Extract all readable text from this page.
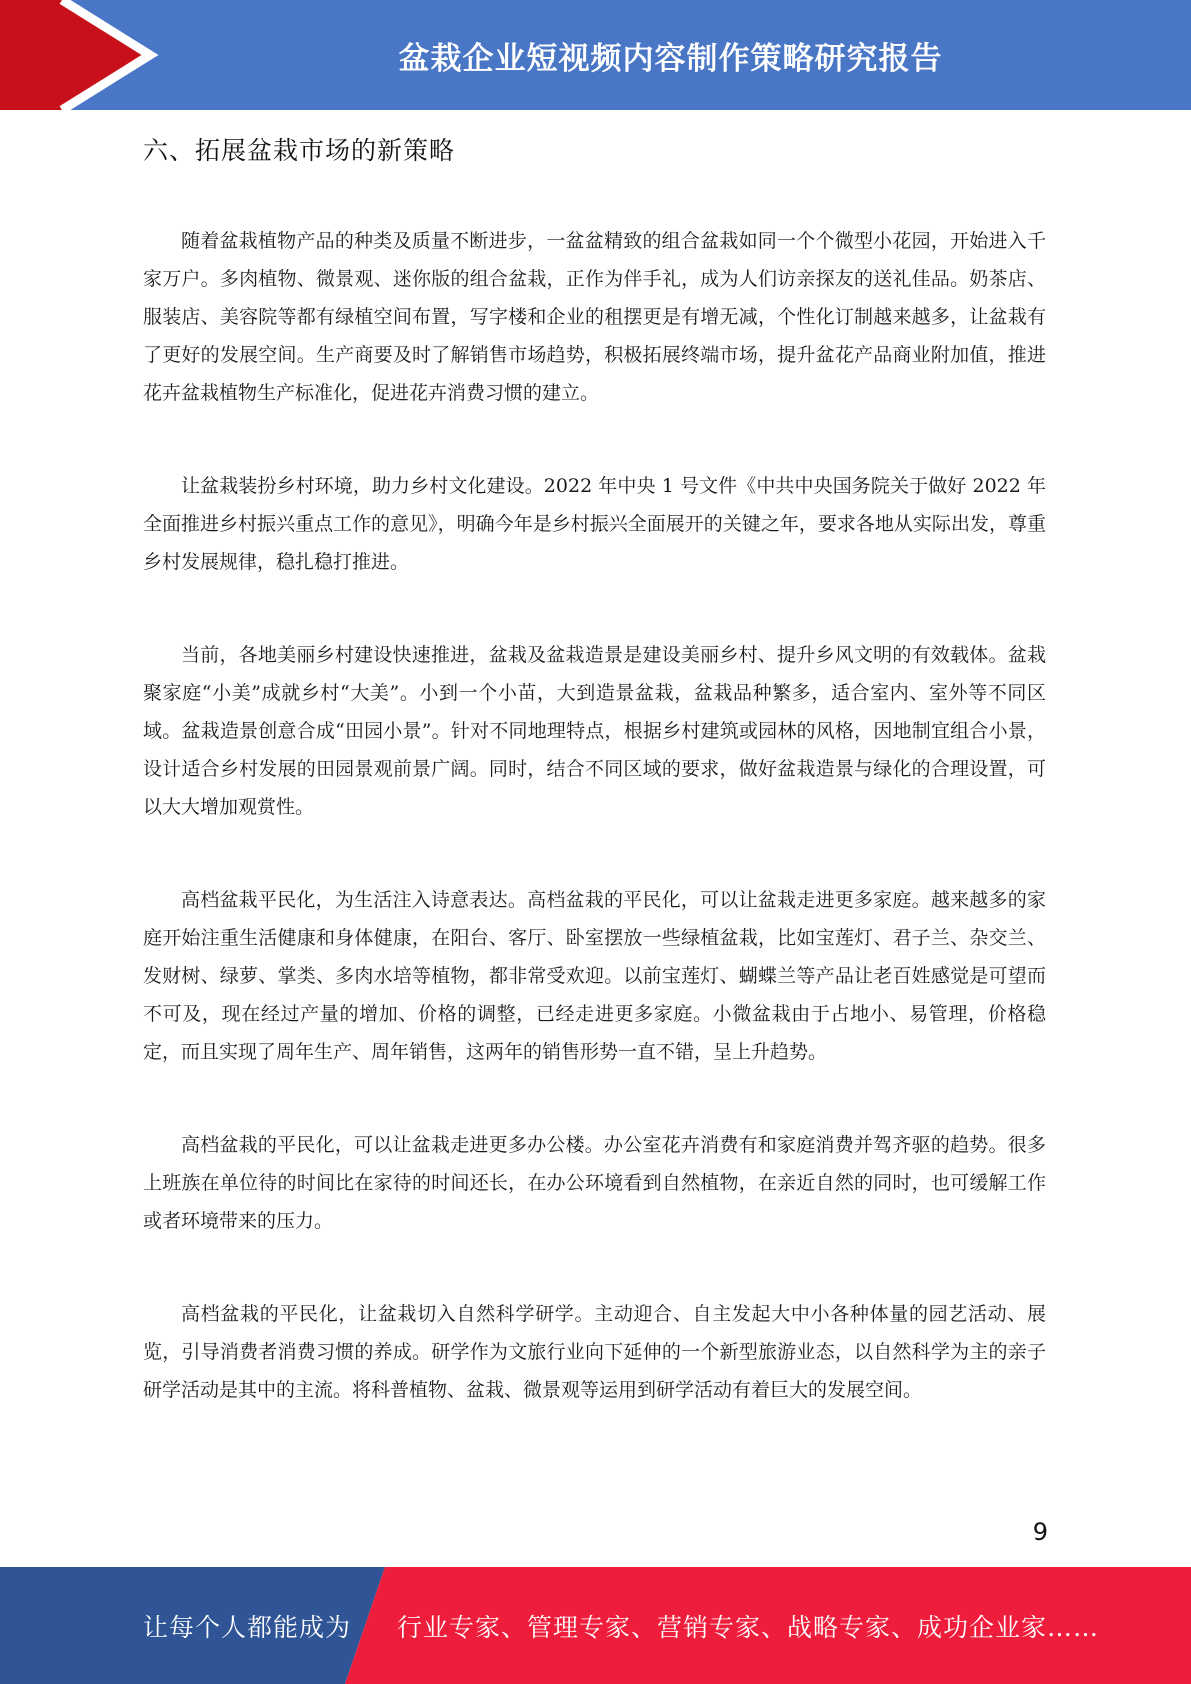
盆栽企业短视频内容制作策略研究报告
六、拓展盆栽市场的新策略

随着盆栽植物产品的种类及质量不断进步，一盆盆精致的组合盆栽如同一个个微型小花园，开始进入千家万户。多肉植物、微景观、迷你版的组合盆栽，正作为伴手礼，成为人们访亲探友的送礼佳品。奶茶店、服装店、美容院等都有绿植空间布置，写字楼和企业的租摆更是有增无减，个性化订制越来越多，让盆栽有了更好的发展空间。生产商要及时了解销售市场趋势，积极拓展终端市场，提升盆花产品商业附加值，推进花卉盆栽植物生产标准化，促进花卉消费习惯的建立。

让盆栽装扮乡村环境，助力乡村文化建设。2022 年中央 1 号文件《中共中央国务院关于做好 2022 年全面推进乡村振兴重点工作的意见》，明确今年是乡村振兴全面展开的关键之年，要求各地从实际出发，尊重乡村发展规律，稳扎稳打推进。

当前，各地美丽乡村建设快速推进，盆栽及盆栽造景是建设美丽乡村、提升乡风文明的有效载体。盆栽聚家庭“小美”成就乡村“大美”。小到一个小苗，大到造景盆栽，盆栽品种繁多，适合室内、室外等不同区域。盆栽造景创意合成“田园小景”。针对不同地理特点，根据乡村建筑或园林的风格，因地制宜组合小景，设计适合乡村发展的田园景观前景广阔。同时，结合不同区域的要求，做好盆栽造景与绿化的合理设置，可以大大增加观赏性。

高档盆栽平民化，为生活注入诗意表达。高档盆栽的平民化，可以让盆栽走进更多家庭。越来越多的家庭开始注重生活健康和身体健康，在阳台、客厅、卧室摆放一些绿植盆栽，比如宝莲灯、君子兰、杂交兰、发财树、绿萝、掌类、多肉水培等植物，都非常受欢迎。以前宝莲灯、蝴蝶兰等产品让老百姓感觉是可望而不可及，现在经过产量的增加、价格的调整，已经走进更多家庭。小微盆栽由于占地小、易管理，价格稳定，而且实现了周年生产、周年销售，这两年的销售形势一直不错，呈上升趋势。

高档盆栽的平民化，可以让盆栽走进更多办公楼。办公室花卉消费有和家庭消费并驾齐驱的趋势。很多上班族在单位待的时间比在家待的时间还长，在办公环境看到自然植物，在亲近自然的同时，也可缓解工作或者环境带来的压力。

高档盆栽的平民化，让盆栽切入自然科学研学。主动迎合、自主发起大中小各种体量的园艺活动、展览，引导消费者消费习惯的养成。研学作为文旅行业向下延伸的一个新型旅游业态，以自然科学为主的亲子研学活动是其中的主流。将科普植物、盆栽、微景观等运用到研学活动有着巨大的发展空间。

9
让每个人都能成为 行业专家、管理专家、营销专家、战略专家、成功企业家……
